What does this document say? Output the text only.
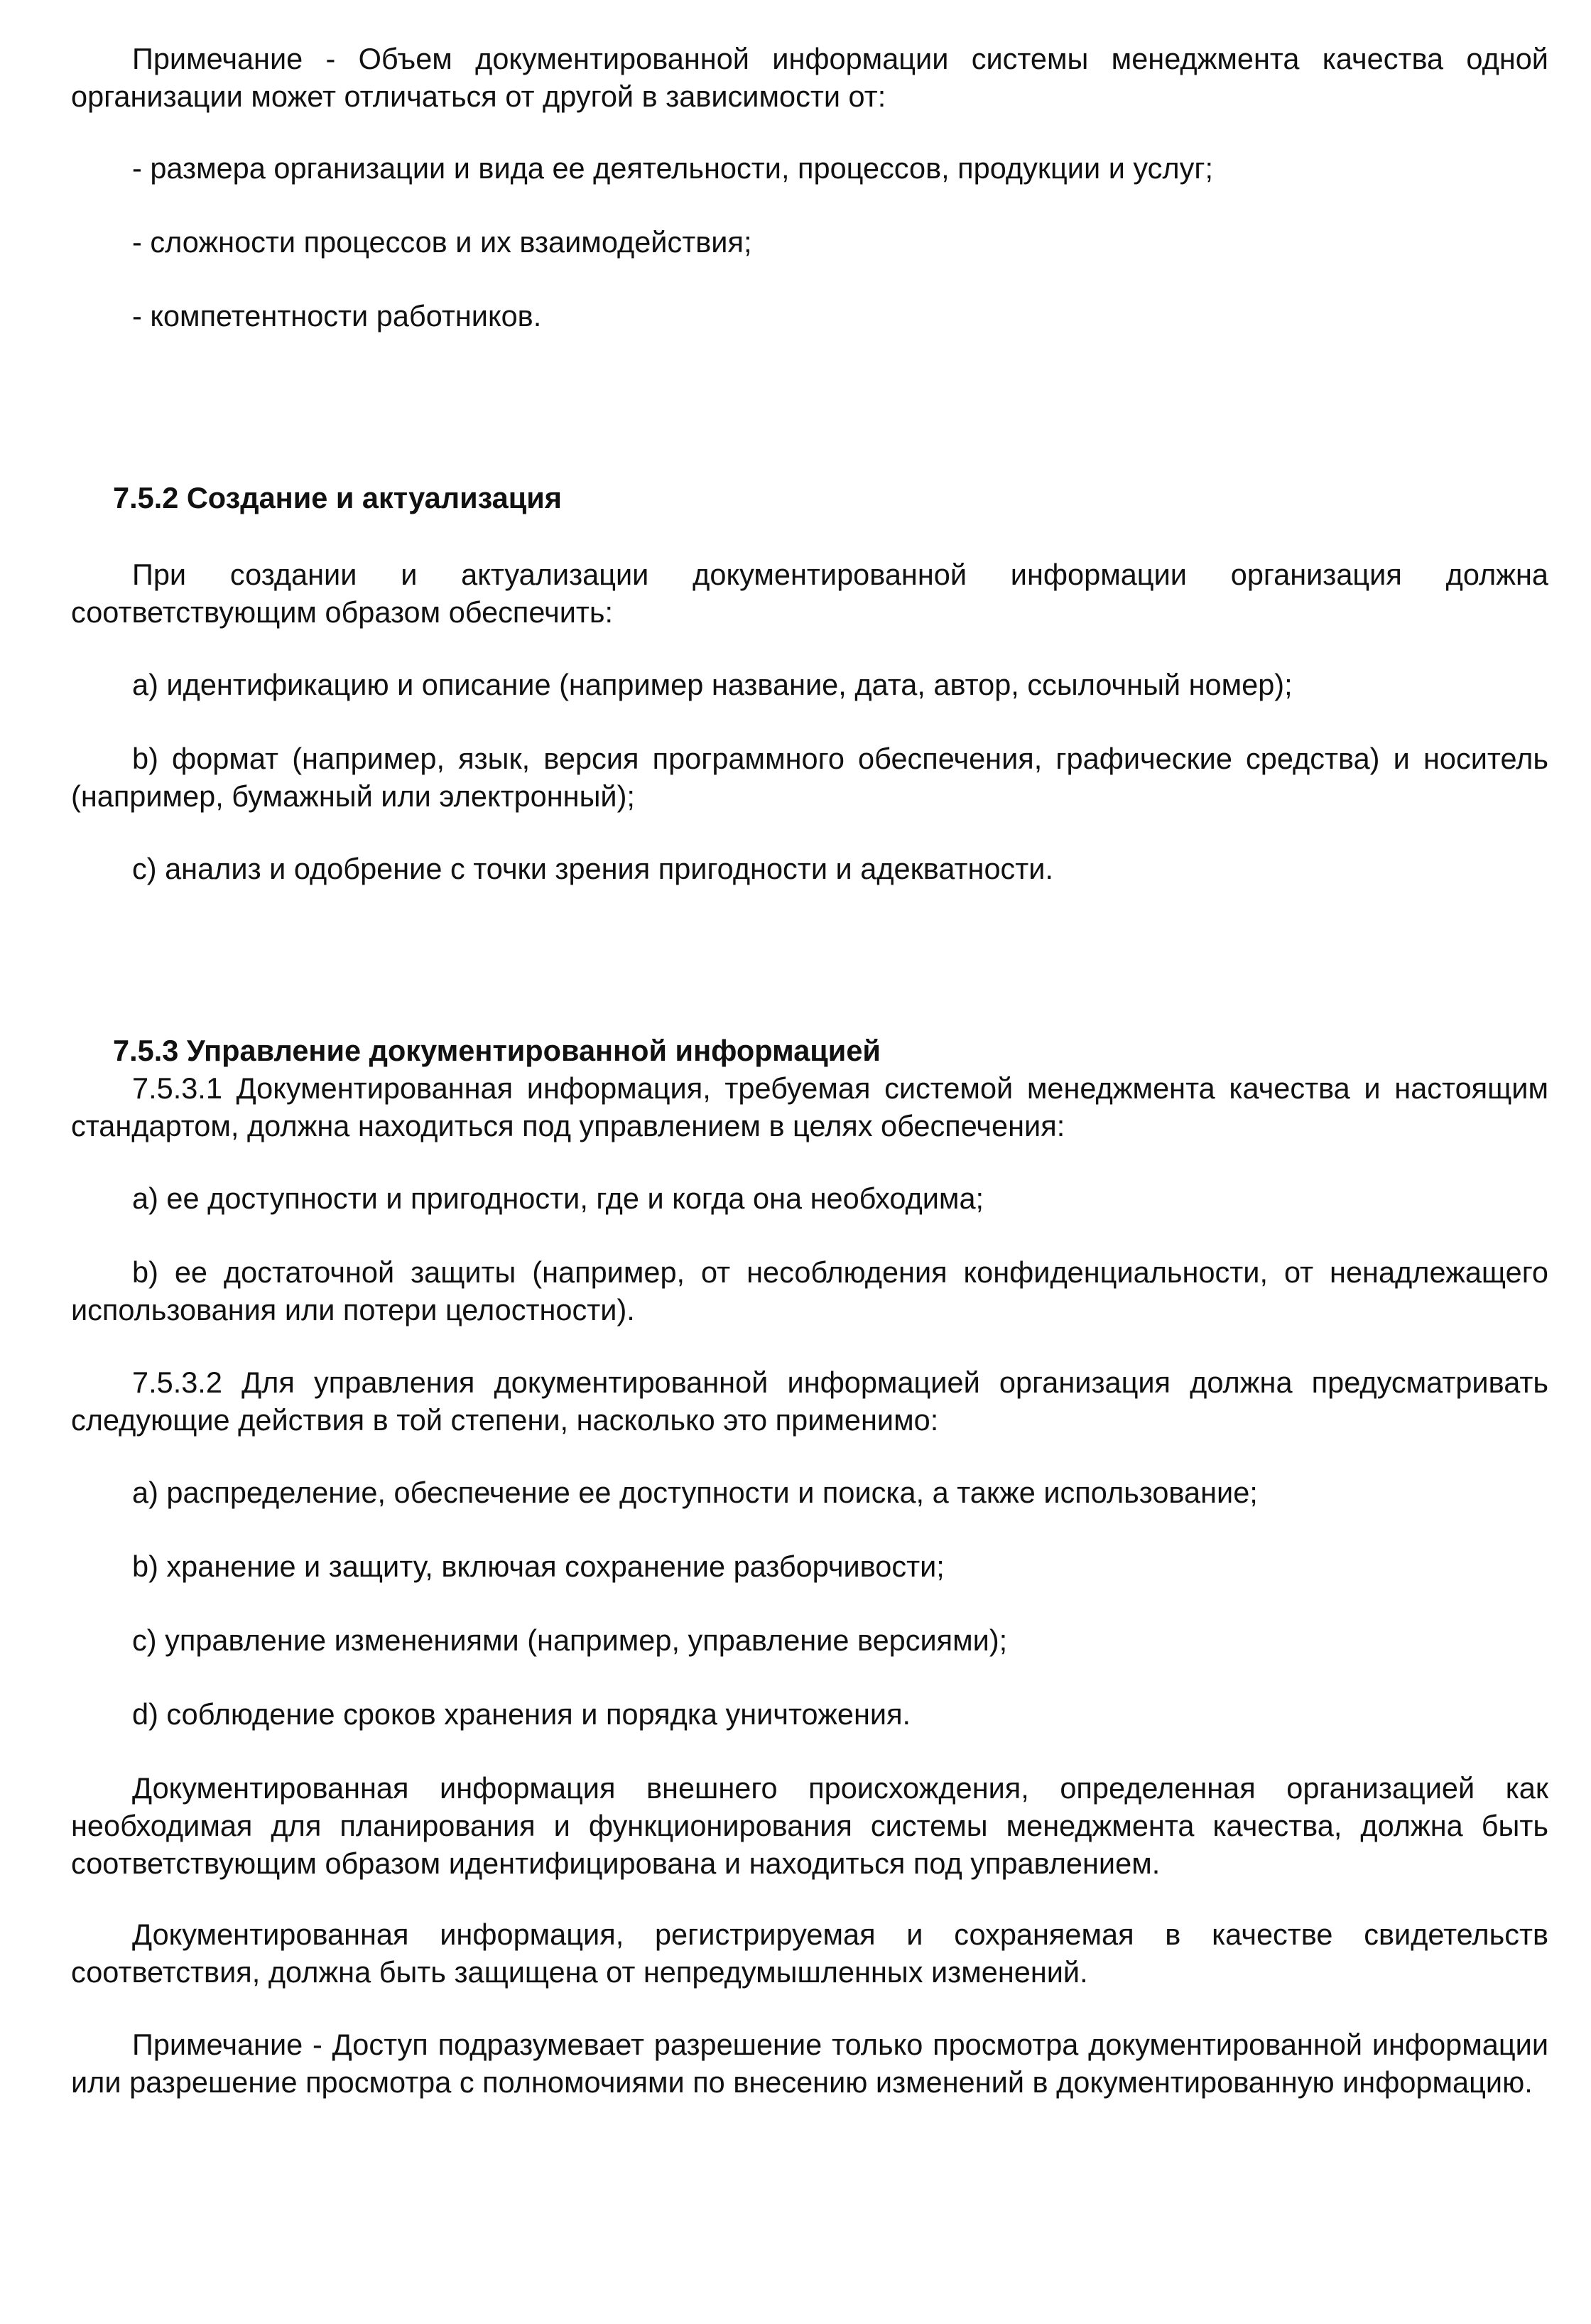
Примечание - Объем документированной информации системы менеджмента качества одной организации может отличаться от другой в зависимости от:

- размера организации и вида ее деятельности, процессов, продукции и услуг;

- сложности процессов и их взаимодействия;

- компетентности работников.

7.5.2 Создание и актуализация

При создании и актуализации документированной информации организация должна соответствующим образом обеспечить:

a) идентификацию и описание (например название, дата, автор, ссылочный номер);

b) формат (например, язык, версия программного обеспечения, графические средства) и носитель (например, бумажный или электронный);

c) анализ и одобрение с точки зрения пригодности и адекватности.

7.5.3 Управление документированной информацией

7.5.3.1 Документированная информация, требуемая системой менеджмента качества и настоящим стандартом, должна находиться под управлением в целях обеспечения:

a) ее доступности и пригодности, где и когда она необходима;

b) ее достаточной защиты (например, от несоблюдения конфиденциальности, от ненадлежащего использования или потери целостности).

7.5.3.2 Для управления документированной информацией организация должна предусматривать следующие действия в той степени, насколько это применимо:

a) распределение, обеспечение ее доступности и поиска, а также использование;

b) хранение и защиту, включая сохранение разборчивости;

c) управление изменениями (например, управление версиями);

d) соблюдение сроков хранения и порядка уничтожения.

Документированная информация внешнего происхождения, определенная организацией как необходимая для планирования и функционирования системы менеджмента качества, должна быть соответствующим образом идентифицирована и находиться под управлением.

Документированная информация, регистрируемая и сохраняемая в качестве свидетельств соответствия, должна быть защищена от непредумышленных изменений.

Примечание - Доступ подразумевает разрешение только просмотра документированной информации или разрешение просмотра с полномочиями по внесению изменений в документированную информацию.
